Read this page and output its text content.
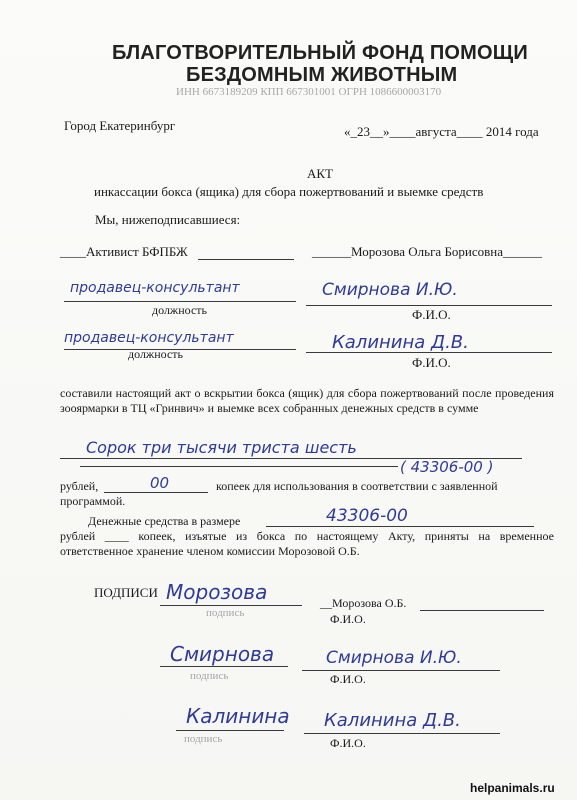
БЛАГОТВОРИТЕЛЬНЫЙ ФОНД ПОМОЩИ
БЕЗДОМНЫМ ЖИВОТНЫМ
ИНН 6673189209 КПП 667301001 ОГРН 1086600003170
Город Екатеринбург	«_23__»____августа____ 2014 года
АКТ
инкассации бокса (ящика) для сбора пожертвований и выемке средств
Мы, нижеподписавшиеся:
____Активист БФПБЖ	______Морозова Ольга Борисовна______
продавец-консультант
должность
Смирнова И.Ю.
Ф.И.О.
продавец-консультант
должность
Калинина Д.В.
Ф.И.О.
составили настоящий акт о вскрытии бокса (ящик) для сбора пожертвований после проведения зооярмарки в ТЦ «Гринвич» и выемке всех собранных денежных средств в сумме
Сорок три тысячи триста шесть
( 43306-00 )
рублей,	00	копеек для использования в соответствии с заявленной
программой.
Денежные средства в размере	43306-00
рублей ____ копеек, изъятые из бокса по настоящему Акту, приняты на временное ответственное хранение членом комиссии Морозовой О.Б.
ПОДПИСИ Морозова
подпись
__Морозова О.Б.
Ф.И.О.
Смирнова
подпись
Смирнова И.Ю.
Ф.И.О.
Калинина
подпись
Калинина Д.В.
Ф.И.О.
helpanimals.ru
